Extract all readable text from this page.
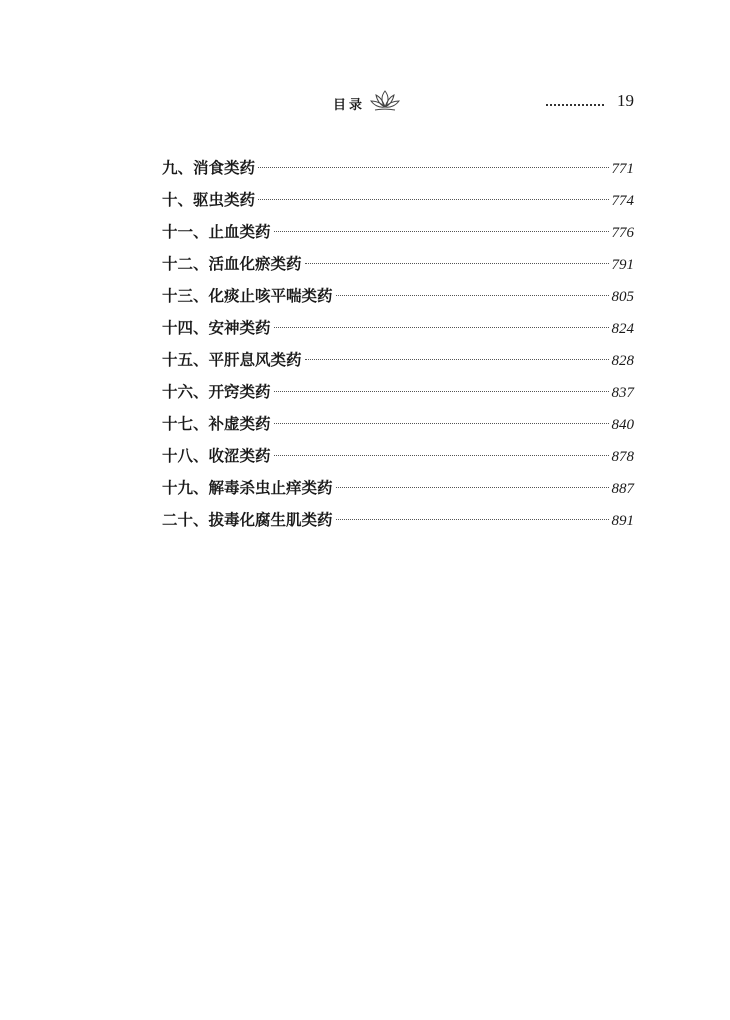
目录	19
九、消食类药	771
十、驱虫类药	774
十一、止血类药	776
十二、活血化瘀类药	791
十三、化痰止咳平喘类药	805
十四、安神类药	824
十五、平肝息风类药	828
十六、开窍类药	837
十七、补虚类药	840
十八、收涩类药	878
十九、解毒杀虫止痒类药	887
二十、拔毒化腐生肌类药	891
